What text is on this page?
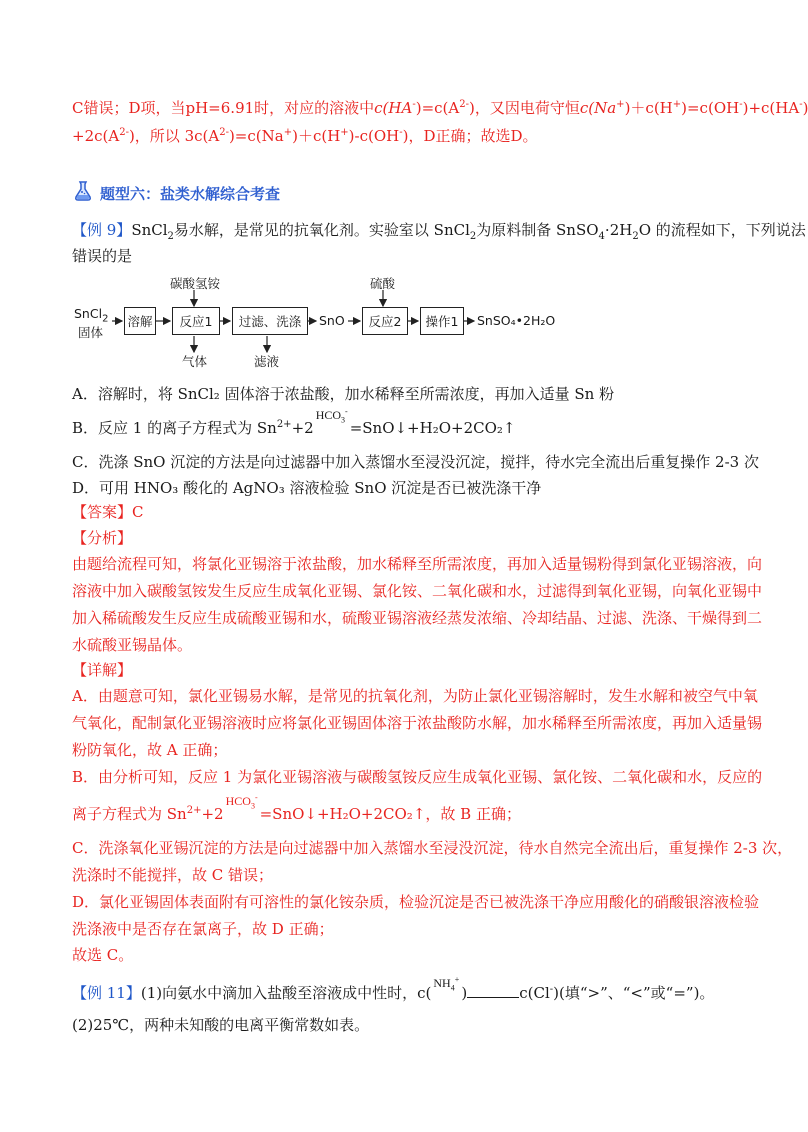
C错误；D项，当pH=6.91时，对应的溶液中$c(HA^-)=c(A^{2-})$，又因电荷守恒c(Na+)＋c(H+)=c(OH-)+c(HA-)
$+2c(A^{2-})$，所以 $3c(A^{2-})=c(Na^+)+c(H^+)-c(OH^-)$，D正确；故选D。
题型六：盐类水解综合考查
【例 9】SnCl$_2$易水解，是常见的抗氧化剂。实验室以 SnCl$_2$为原料制备 $SnSO_4\cdot 2H_2O$ 的流程如下，下列说法
错误的是
SnCl$_2$
固体
溶解	反应1	过滤、洗涤	SnO	反应2	操作1	SnSO₄•2H₂O
碳酸氢铵	硫酸
气体	滤液
A．溶解时，将 SnCl₂ 固体溶于浓盐酸，加水稀释至所需浓度，再加入适量 Sn 粉
B．反应 1 的离子方程式为 $Sn^{2+}+2$
$HCO_3^-$
=SnO↓+H₂O+2CO₂↑
C．洗涤 SnO 沉淀的方法是向过滤器中加入蒸馏水至浸没沉淀，搅拌，待水完全流出后重复操作 2-3 次
D．可用 HNO₃ 酸化的 AgNO₃ 溶液检验 SnO 沉淀是否已被洗涤干净
【答案】C
【分析】
由题给流程可知，将氯化亚锡溶于浓盐酸，加水稀释至所需浓度，再加入适量锡粉得到氯化亚锡溶液，向
溶液中加入碳酸氢铵发生反应生成氧化亚锡、氯化铵、二氧化碳和水，过滤得到氧化亚锡，向氧化亚锡中
加入稀硫酸发生反应生成硫酸亚锡和水，硫酸亚锡溶液经蒸发浓缩、冷却结晶、过滤、洗涤、干燥得到二
水硫酸亚锡晶体。
【详解】
A．由题意可知，氯化亚锡易水解，是常见的抗氧化剂，为防止氯化亚锡溶解时，发生水解和被空气中氧
气氧化，配制氯化亚锡溶液时应将氯化亚锡固体溶于浓盐酸防水解，加水稀释至所需浓度，再加入适量锡
粉防氧化，故 A 正确；
B．由分析可知，反应 1 为氯化亚锡溶液与碳酸氢铵反应生成氧化亚锡、氯化铵、二氧化碳和水，反应的
离子方程式为 $Sn^{2+}+2$
$HCO_3^-$
=SnO↓+H₂O+2CO₂↑，故 B 正确；
C．洗涤氧化亚锡沉淀的方法是向过滤器中加入蒸馏水至浸没沉淀，待水自然完全流出后，重复操作 2-3 次，
洗涤时不能搅拌，故 C 错误；
D．氯化亚锡固体表面附有可溶性的氯化铵杂质，检验沉淀是否已被洗涤干净应用酸化的硝酸银溶液检验
洗涤液中是否存在氯离子，故 D 正确；
故选 C。
【例 11】(1)向氨水中滴加入盐酸至溶液成中性时，c(
$NH_4^+$
)	c(Cl-)(填“>”、“<”或“=”)。
(2)25℃，两种未知酸的电离平衡常数如表。
